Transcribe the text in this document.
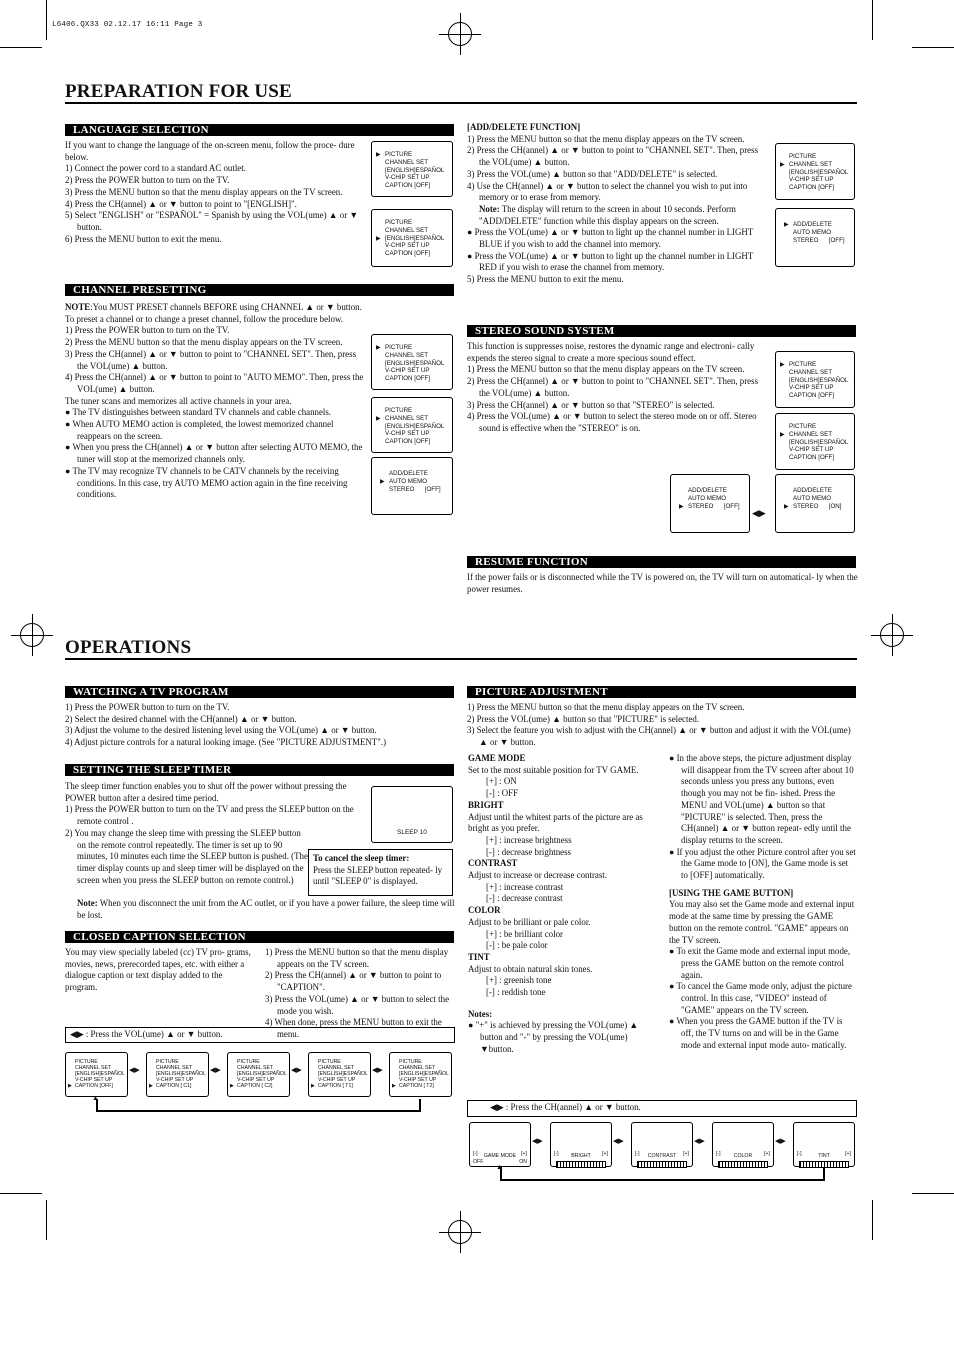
L6406.QX33 02.12.17 16:11 Page 3
PREPARATION FOR USE
LANGUAGE SELECTION

If you want to change the language of the on-screen menu, follow the proce- dure below.

1) Connect the power cord to a standard AC outlet.

2) Press the POWER button to turn on the TV.

3) Press the MENU button so that the menu display appears on the TV screen.

4) Press the CH(annel) ▲ or ▼ button to point to "[ENGLISH]".

5) Select "ENGLISH" or "ESPAÑOL" = Spanish by using the VOL(ume) ▲ or ▼ button.

6) Press the MENU button to exit the menu.

▶ PICTURE
CHANNEL SET
[ENGLISH]ESPAÑOL
V-CHIP SET UP
CAPTION [OFF]
PICTURE
CHANNEL SET
▶ [ENGLISH]ESPAÑOL
V-CHIP SET UP
CAPTION [OFF]
CHANNEL PRESETTING

NOTE:You MUST PRESET channels BEFORE using CHANNEL ▲ or ▼ button.

To preset a channel or to change a preset channel, follow the procedure below.

1) Press the POWER button to turn on the TV.

2) Press the MENU button so that the menu display appears on the TV screen.

3) Press the CH(annel) ▲ or ▼ button to point to "CHANNEL SET". Then, press the VOL(ume) ▲ button.

4) Press the CH(annel) ▲ or ▼ button to point to "AUTO MEMO". Then, press the VOL(ume) ▲ button.

The tuner scans and memorizes all active channels in your area.

● The TV distinguishes between standard TV channels and cable channels.

● When AUTO MEMO action is completed, the lowest memorized channel reappears on the screen.

● When you press the CH(annel) ▲ or ▼ button after selecting AUTO MEMO, the tuner will stop at the memorized channels only.

● The TV may recognize TV channels to be CATV channels by the receiving conditions. In this case, try AUTO MEMO action again in the fine receiving conditions.

▶ PICTURE
CHANNEL SET
[ENGLISH]ESPAÑOL
V-CHIP SET UP
CAPTION [OFF]
PICTURE
▶ CHANNEL SET
[ENGLISH]ESPAÑOL
V-CHIP SET UP
CAPTION [OFF]
ADD/DELETE
▶ AUTO MEMO
STEREO      [OFF]

[ADD/DELETE FUNCTION]

1) Press the MENU button so that the menu display appears on the TV screen.

2) Press the CH(annel) ▲ or ▼ button to point to "CHANNEL SET". Then, press the VOL(ume) ▲ button.

3) Press the VOL(ume) ▲ button so that "ADD/DELETE" is selected.

4) Use the CH(annel) ▲ or ▼ button to select the channel you wish to put into memory or to erase from memory.

Note: The display will return to the screen in about 10 seconds. Perform "ADD/DELETE" function while this display appears on the screen.

● Press the VOL(ume) ▲ or ▼ button to light up the channel number in LIGHT BLUE if you wish to add the channel into memory.

● Press the VOL(ume) ▲ or ▼ button to light up the channel number in LIGHT RED if you wish to erase the channel from memory.

5) Press the MENU button to exit the menu.

PICTURE
▶ CHANNEL SET
[ENGLISH]ESPAÑOL
V-CHIP SET UP
CAPTION [OFF]
▶ ADD/DELETE
AUTO MEMO
STEREO      [OFF]
STEREO SOUND SYSTEM

This function is suppresses noise, restores the dynamic range and electroni- cally expends the stereo signal to create a more specious sound effect.

1) Press the MENU button so that the menu display appears on the TV screen.

2) Press the CH(annel) ▲ or ▼ button to point to "CHANNEL SET". Then, press the VOL(ume) ▲ button.

3) Press the CH(annel) ▲ or ▼ button so that "STEREO" is selected.

4) Press the VOL(ume) ▲ or ▼ button to select the stereo mode on or off. Stereo sound is effective when the "STEREO" is on.

▶ PICTURE
CHANNEL SET
[ENGLISH]ESPAÑOL
V-CHIP SET UP
CAPTION [OFF]
PICTURE
▶ CHANNEL SET
[ENGLISH]ESPAÑOL
V-CHIP SET UP
CAPTION [OFF]
ADD/DELETE
AUTO MEMO
▶ STEREO      [OFF]
◀▶
ADD/DELETE
AUTO MEMO
▶ STEREO      [ON]
RESUME FUNCTION
If the power fails or is disconnected while the TV is powered on, the TV will turn on automatical- ly when the power resumes.
OPERATIONS
WATCHING A TV PROGRAM

1) Press the POWER button to turn on the TV.

2) Select the desired channel with the CH(annel) ▲ or ▼ button.

3) Adjust the volume to the desired listening level using the VOL(ume) ▲ or ▼ button.

4) Adjust picture controls for a natural looking image. (See "PICTURE ADJUSTMENT".)

SETTING THE SLEEP TIMER

The sleep timer function enables you to shut off the power without pressing the POWER button after a desired time period.

1) Press the POWER button to turn on the TV and press the SLEEP button on the remote control .

2) You may change the sleep time with pressing the SLEEP button on the remote control repeatedly. The timer is set up to 90 minutes, 10 minutes each time the SLEEP button is pushed. (The timer display counts up and sleep timer will be displayed on the screen when you press the SLEEP button on remote control.)

Note: When you disconnect the unit from the AC outlet, or if you have a power failure, the sleep time will be lost.

SLEEP 10
To cancel the sleep timer:
Press the SLEEP button repeated- ly until "SLEEP 0" is displayed.
CLOSED CAPTION SELECTION
You may view specially labeled (cc) TV pro- grams, movies, news, prerecorded tapes, etc. with either a dialogue caption or text display added to the program.

1) Press the MENU button so that the menu display appears on the TV screen.

2) Press the CH(annel) ▲ or ▼ button to point to "CAPTION".

3) Press the VOL(ume) ▲ or ▼ button to select the mode you wish.

4) When done, press the MENU button to exit the menu.

◀▶ : Press the VOL(ume) ▲ or ▼ button.
PICTURE
CHANNEL SET
[ENGLISH]ESPAÑOL
V-CHIP SET UP
▶ CAPTION [OFF]
◀▶
PICTURE
CHANNEL SET
[ENGLISH]ESPAÑOL
V-CHIP SET UP
▶ CAPTION [ C1]
◀▶
PICTURE
CHANNEL SET
[ENGLISH]ESPAÑOL
V-CHIP SET UP
▶ CAPTION [ C2]
◀▶
PICTURE
CHANNEL SET
[ENGLISH]ESPAÑOL
V-CHIP SET UP
▶ CAPTION [ T1]
◀▶
PICTURE
CHANNEL SET
[ENGLISH]ESPAÑOL
V-CHIP SET UP
▶ CAPTION [ T2]
▲
PICTURE ADJUSTMENT

1) Press the MENU button so that the menu display appears on the TV screen.

2) Press the VOL(ume) ▲ button so that "PICTURE" is selected.

3) Select the feature you wish to adjust with the CH(annel) ▲ or ▼ button and adjust it with the VOL(ume) ▲ or ▼ button.

GAME MODE

Set to the most suitable position for TV GAME.

[+] : ON

[-] : OFF

BRIGHT

Adjust until the whitest parts of the picture are as bright as you prefer.

[+] : increase brightness

[-] : decrease brightness

CONTRAST

Adjust to increase or decrease contrast.

[+] : increase contrast

[-] : decrease contrast

COLOR

Adjust to be brilliant or pale color.

[+] : be brilliant color

[-] : be pale color

TINT

Adjust to obtain natural skin tones.

[+] : greenish tone

[-] : reddish tone

Notes:

● "+" is achieved by pressing the VOL(ume) ▲ button and "-" by pressing the VOL(ume) ▼button.

● In the above steps, the picture adjustment display will disappear from the TV screen after about 10 seconds unless you press any buttons, even though you may not be fin- ished. Press the MENU and VOL(ume) ▲ button so that "PICTURE" is selected. Then, press the CH(annel) ▲ or ▼ button repeat- edly until the display returns to the screen.

● If you adjust the other Picture control after you set the Game mode to [ON], the Game mode is set to [OFF] automatically.

[USING THE GAME BUTTON]

You may also set the Game mode and external input mode at the same time by pressing the GAME button on the remote control. "GAME" appears on the TV screen.

● To exit the Game mode and external input mode, press the GAME button on the remote control again.

● To cancel the Game mode only, adjust the picture control. In this case, "VIDEO" instead of "GAME" appears on the TV screen.

● When you press the GAME button if the TV is off, the TV turns on and will be in the Game mode and external input mode auto- matically.

◀▶ : Press the CH(annel) ▲ or ▼ button.
[-]	[+]
GAME MODE
OFF	ON
◀▶
[-]	[+]
BRIGHT
◀▶
[-]	[+]
CONTRAST
◀▶
[-]	[+]
COLOR
◀▶
[-]	[+]
TINT
▲
